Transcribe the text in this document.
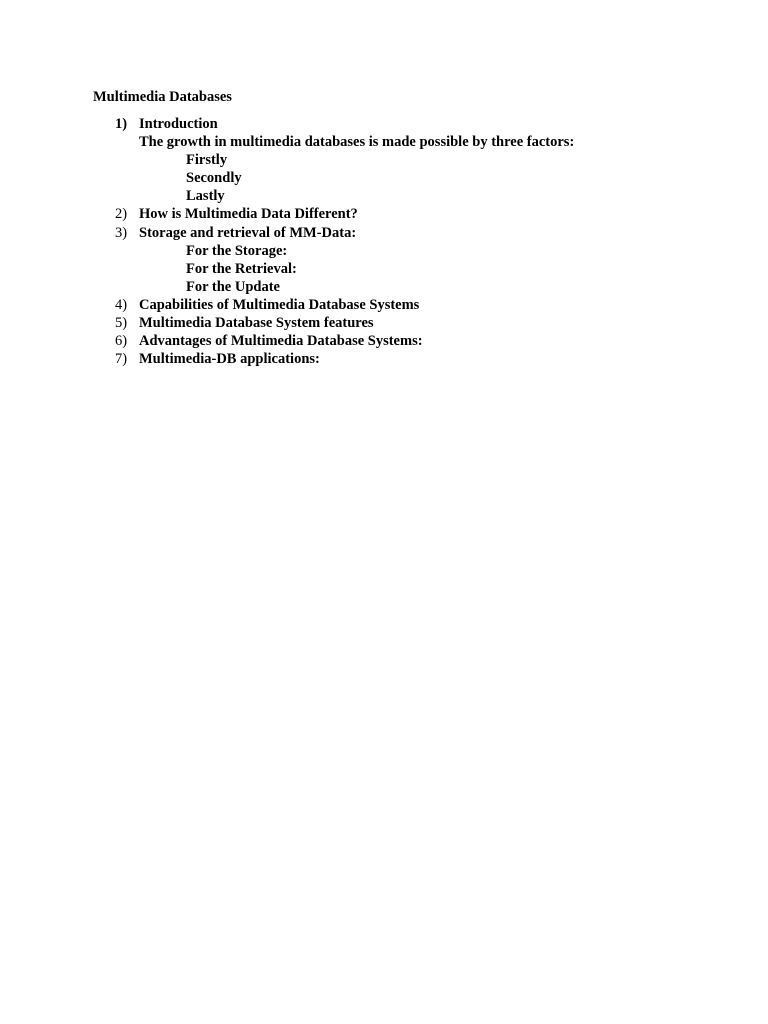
Multimedia Databases
1) Introduction
The growth in multimedia databases is made possible by three factors:
Firstly
Secondly
Lastly
2) How is Multimedia Data Different?
3) Storage and retrieval of MM-Data:
For the Storage:
For the Retrieval:
For the Update
4) Capabilities of Multimedia Database Systems
5) Multimedia Database System features
6) Advantages of Multimedia Database Systems:
7) Multimedia-DB applications:
